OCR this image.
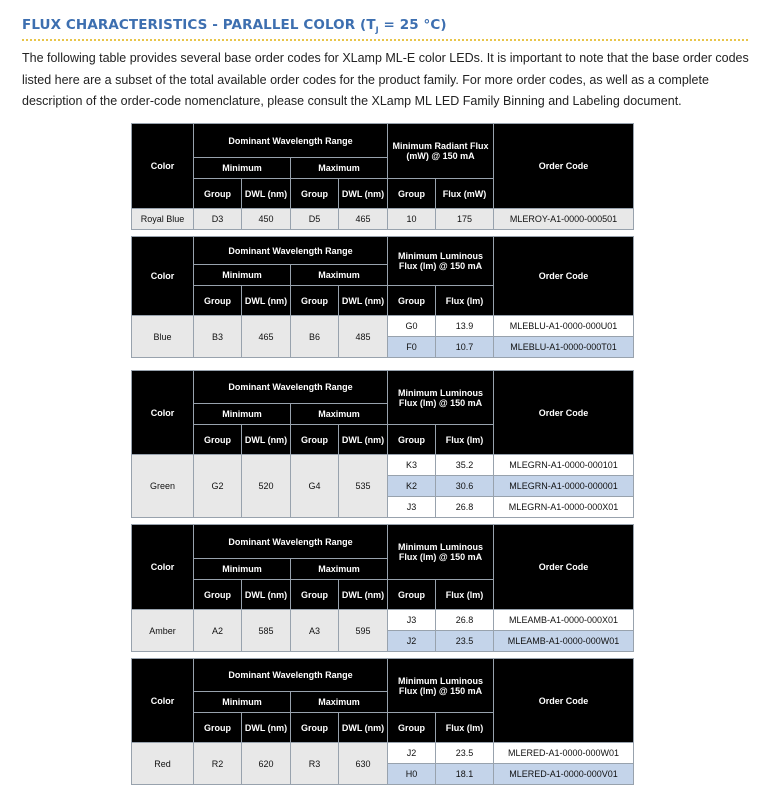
FLUX CHARACTERISTICS - PARALLEL COLOR ($T_J = 25$ °C)
The following table provides several base order codes for XLamp ML-E color LEDs. It is important to note that the base order codes listed here are a subset of the total available order codes for the product family. For more order codes, as well as a complete description of the order-code nomenclature, please consult the XLamp ML LED Family Binning and Labeling document.
Color	Dominant Wavelength Range				Minimum Radiant Flux (mW) @ 150 mA		Order Code
	Minimum		Maximum				
	Group	DWL (nm)	Group	DWL (nm)	Group	Flux (mW)	
Royal Blue	D3	450	D5	465	10	175	MLEROY-A1-0000-000501
Color	Dominant Wavelength Range				Minimum Luminous Flux (lm) @ 150 mA		Order Code
	Minimum		Maximum				
	Group	DWL (nm)	Group	DWL (nm)	Group	Flux (lm)	
Blue	B3	465	B6	485	G0	13.9	MLEBLU-A1-0000-000U01
					F0	10.7	MLEBLU-A1-0000-000T01
Color	Dominant Wavelength Range				Minimum Luminous Flux (lm) @ 150 mA		Order Code
	Minimum		Maximum				
	Group	DWL (nm)	Group	DWL (nm)	Group	Flux (lm)	
Green	G2	520	G4	535	K3	35.2	MLEGRN-A1-0000-000101
					K2	30.6	MLEGRN-A1-0000-000001
					J3	26.8	MLEGRN-A1-0000-000X01
Color	Dominant Wavelength Range				Minimum Luminous Flux (lm) @ 150 mA		Order Code
	Minimum		Maximum				
	Group	DWL (nm)	Group	DWL (nm)	Group	Flux (lm)	
Amber	A2	585	A3	595	J3	26.8	MLEAMB-A1-0000-000X01
					J2	23.5	MLEAMB-A1-0000-000W01
Color	Dominant Wavelength Range				Minimum Luminous Flux (lm) @ 150 mA		Order Code
	Minimum		Maximum				
	Group	DWL (nm)	Group	DWL (nm)	Group	Flux (lm)	
Red	R2	620	R3	630	J2	23.5	MLERED-A1-0000-000W01
					H0	18.1	MLERED-A1-0000-000V01
